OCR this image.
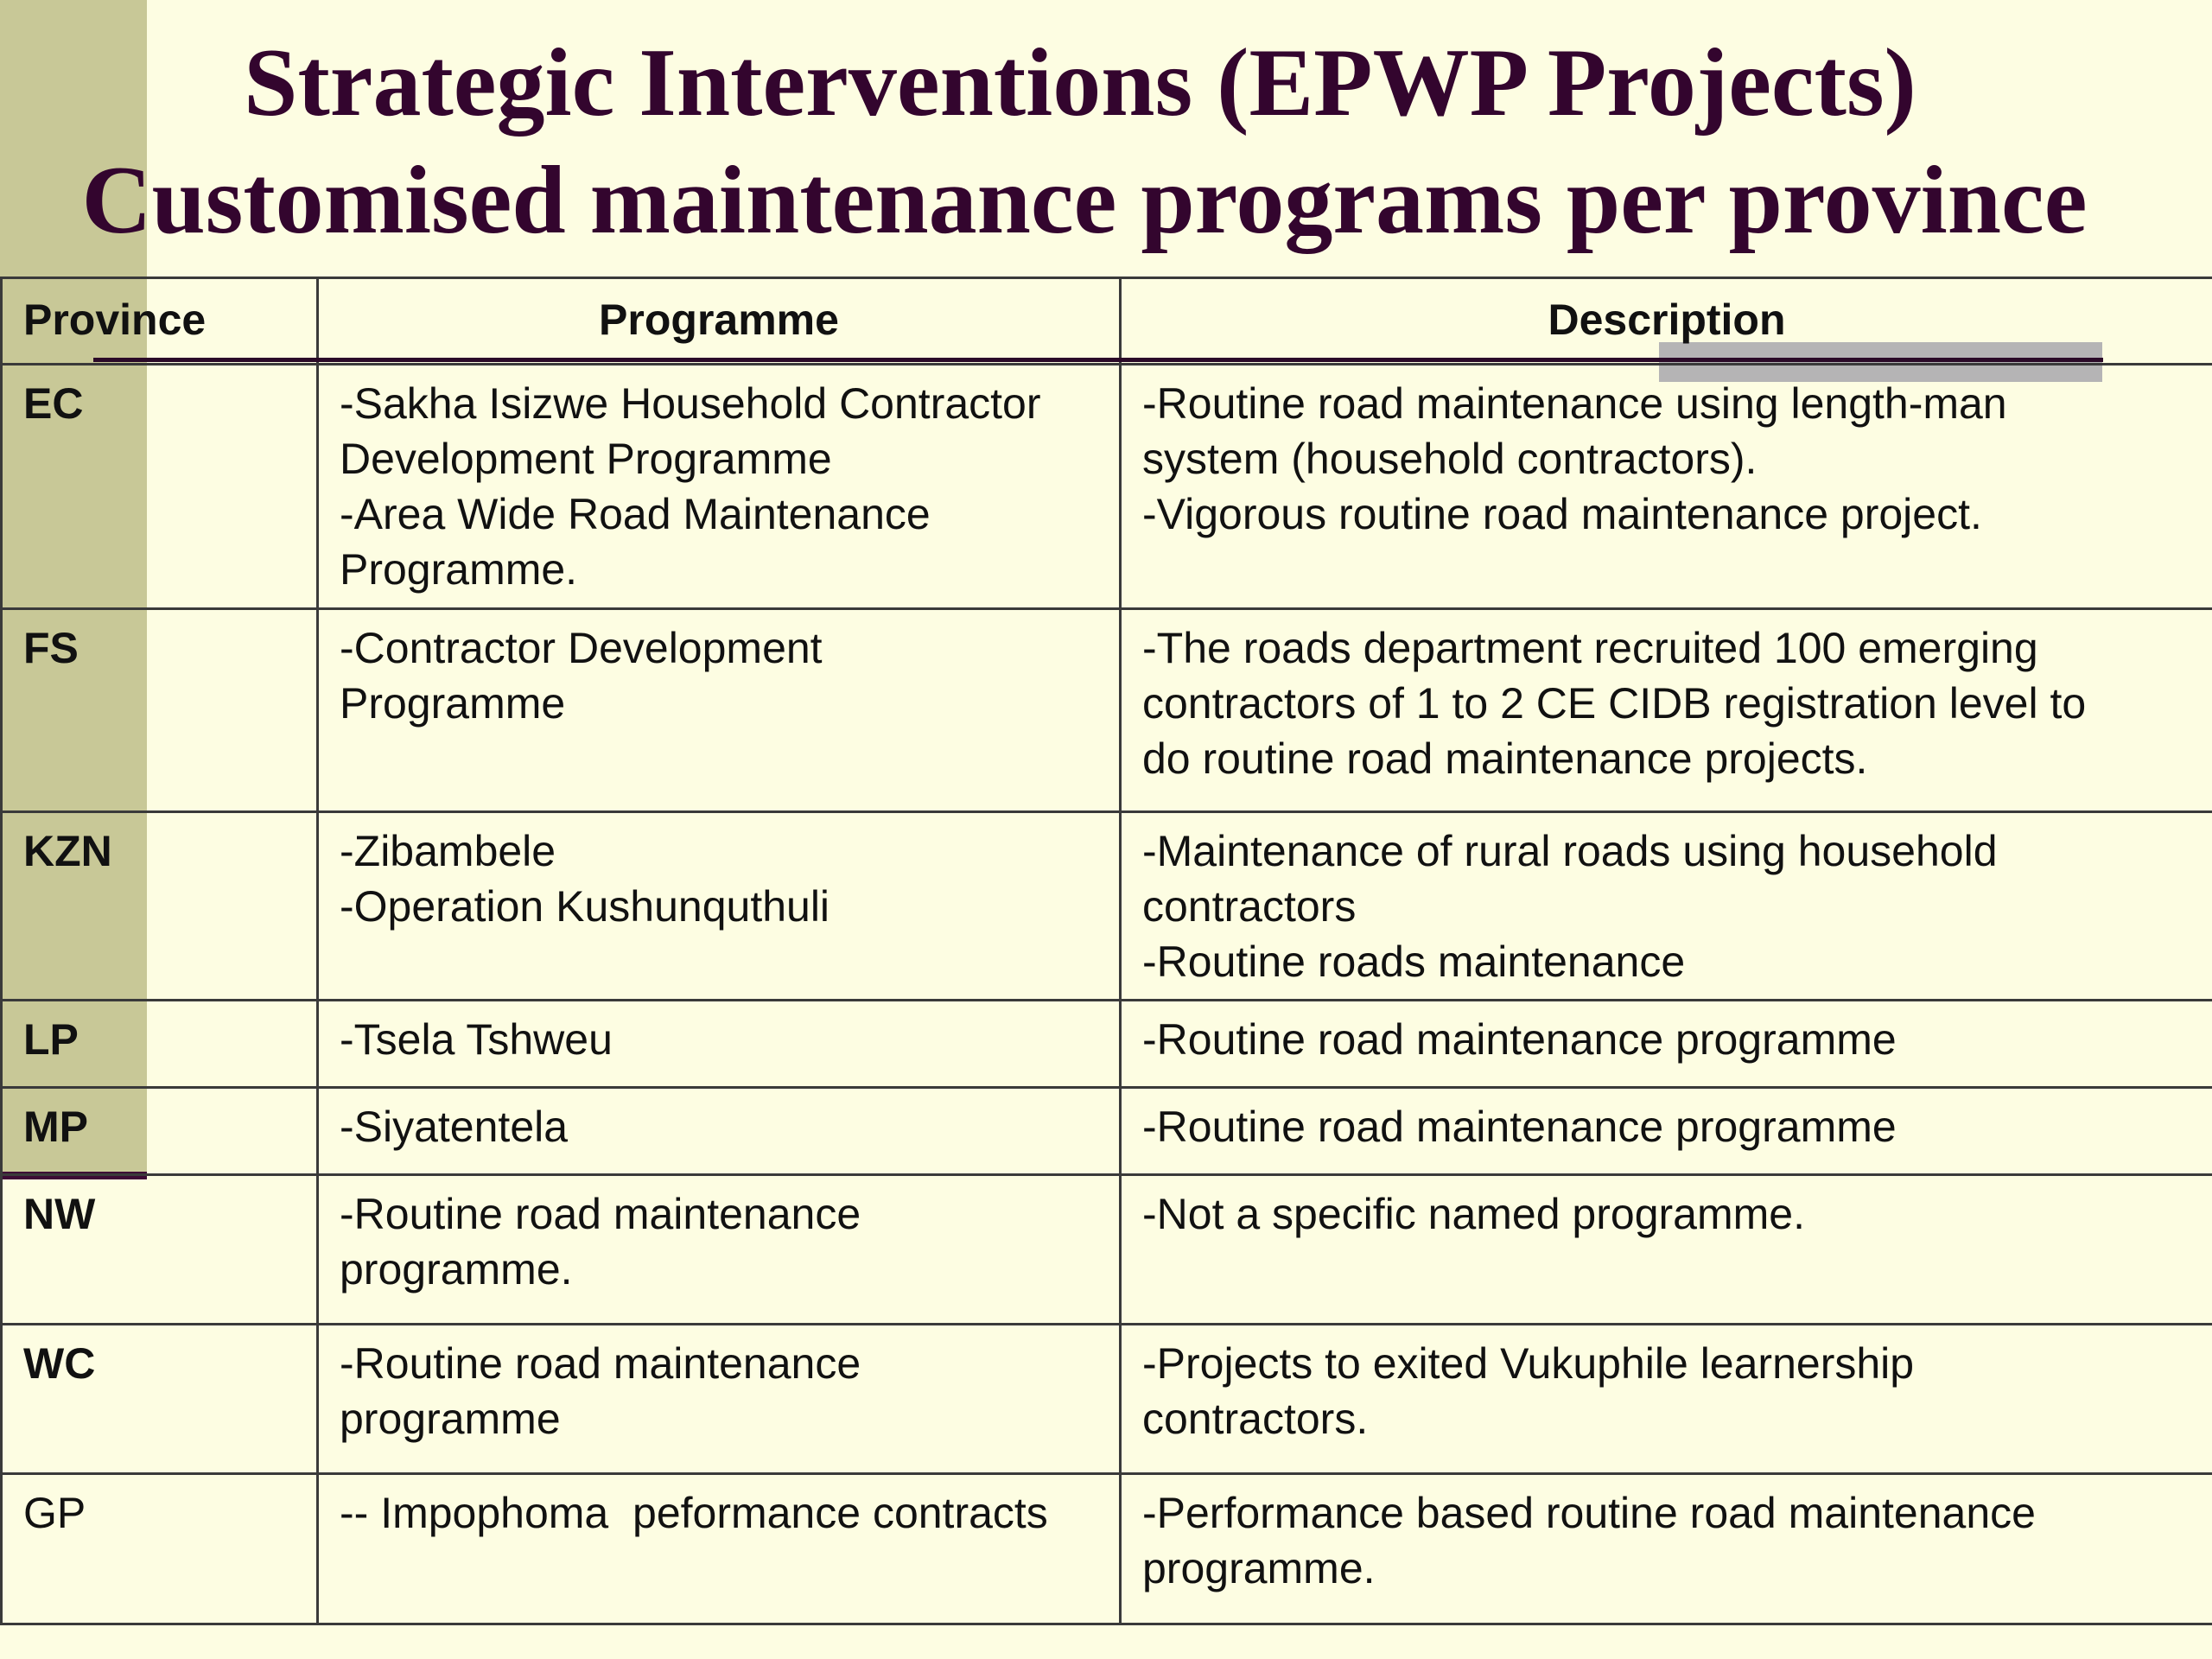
Strategic Interventions (EPWP Projects)
Customised maintenance programs per province
Province	Programme	Description
EC	-Sakha Isizwe Household Contractor
Development Programme
-Area Wide Road Maintenance
Programme.	-Routine road maintenance using length-man
system (household contractors).
-Vigorous routine road maintenance project.

FS	-Contractor Development
Programme	-The roads department recruited 100 emerging
contractors of 1 to 2 CE CIDB registration level to
do routine road maintenance projects.

KZN	-Zibambele
-Operation Kushunquthuli	-Maintenance of rural roads using household
contractors
-Routine roads maintenance

LP	-Tsela Tshweu	-Routine road maintenance programme

MP	-Siyatentela	-Routine road maintenance programme

NW	-Routine road maintenance
programme.	-Not a specific named programme.

WC	-Routine road maintenance
programme	-Projects to exited Vukuphile learnership
contractors.

GP	-- Impophoma  peformance contracts	-Performance based routine road maintenance
programme.
